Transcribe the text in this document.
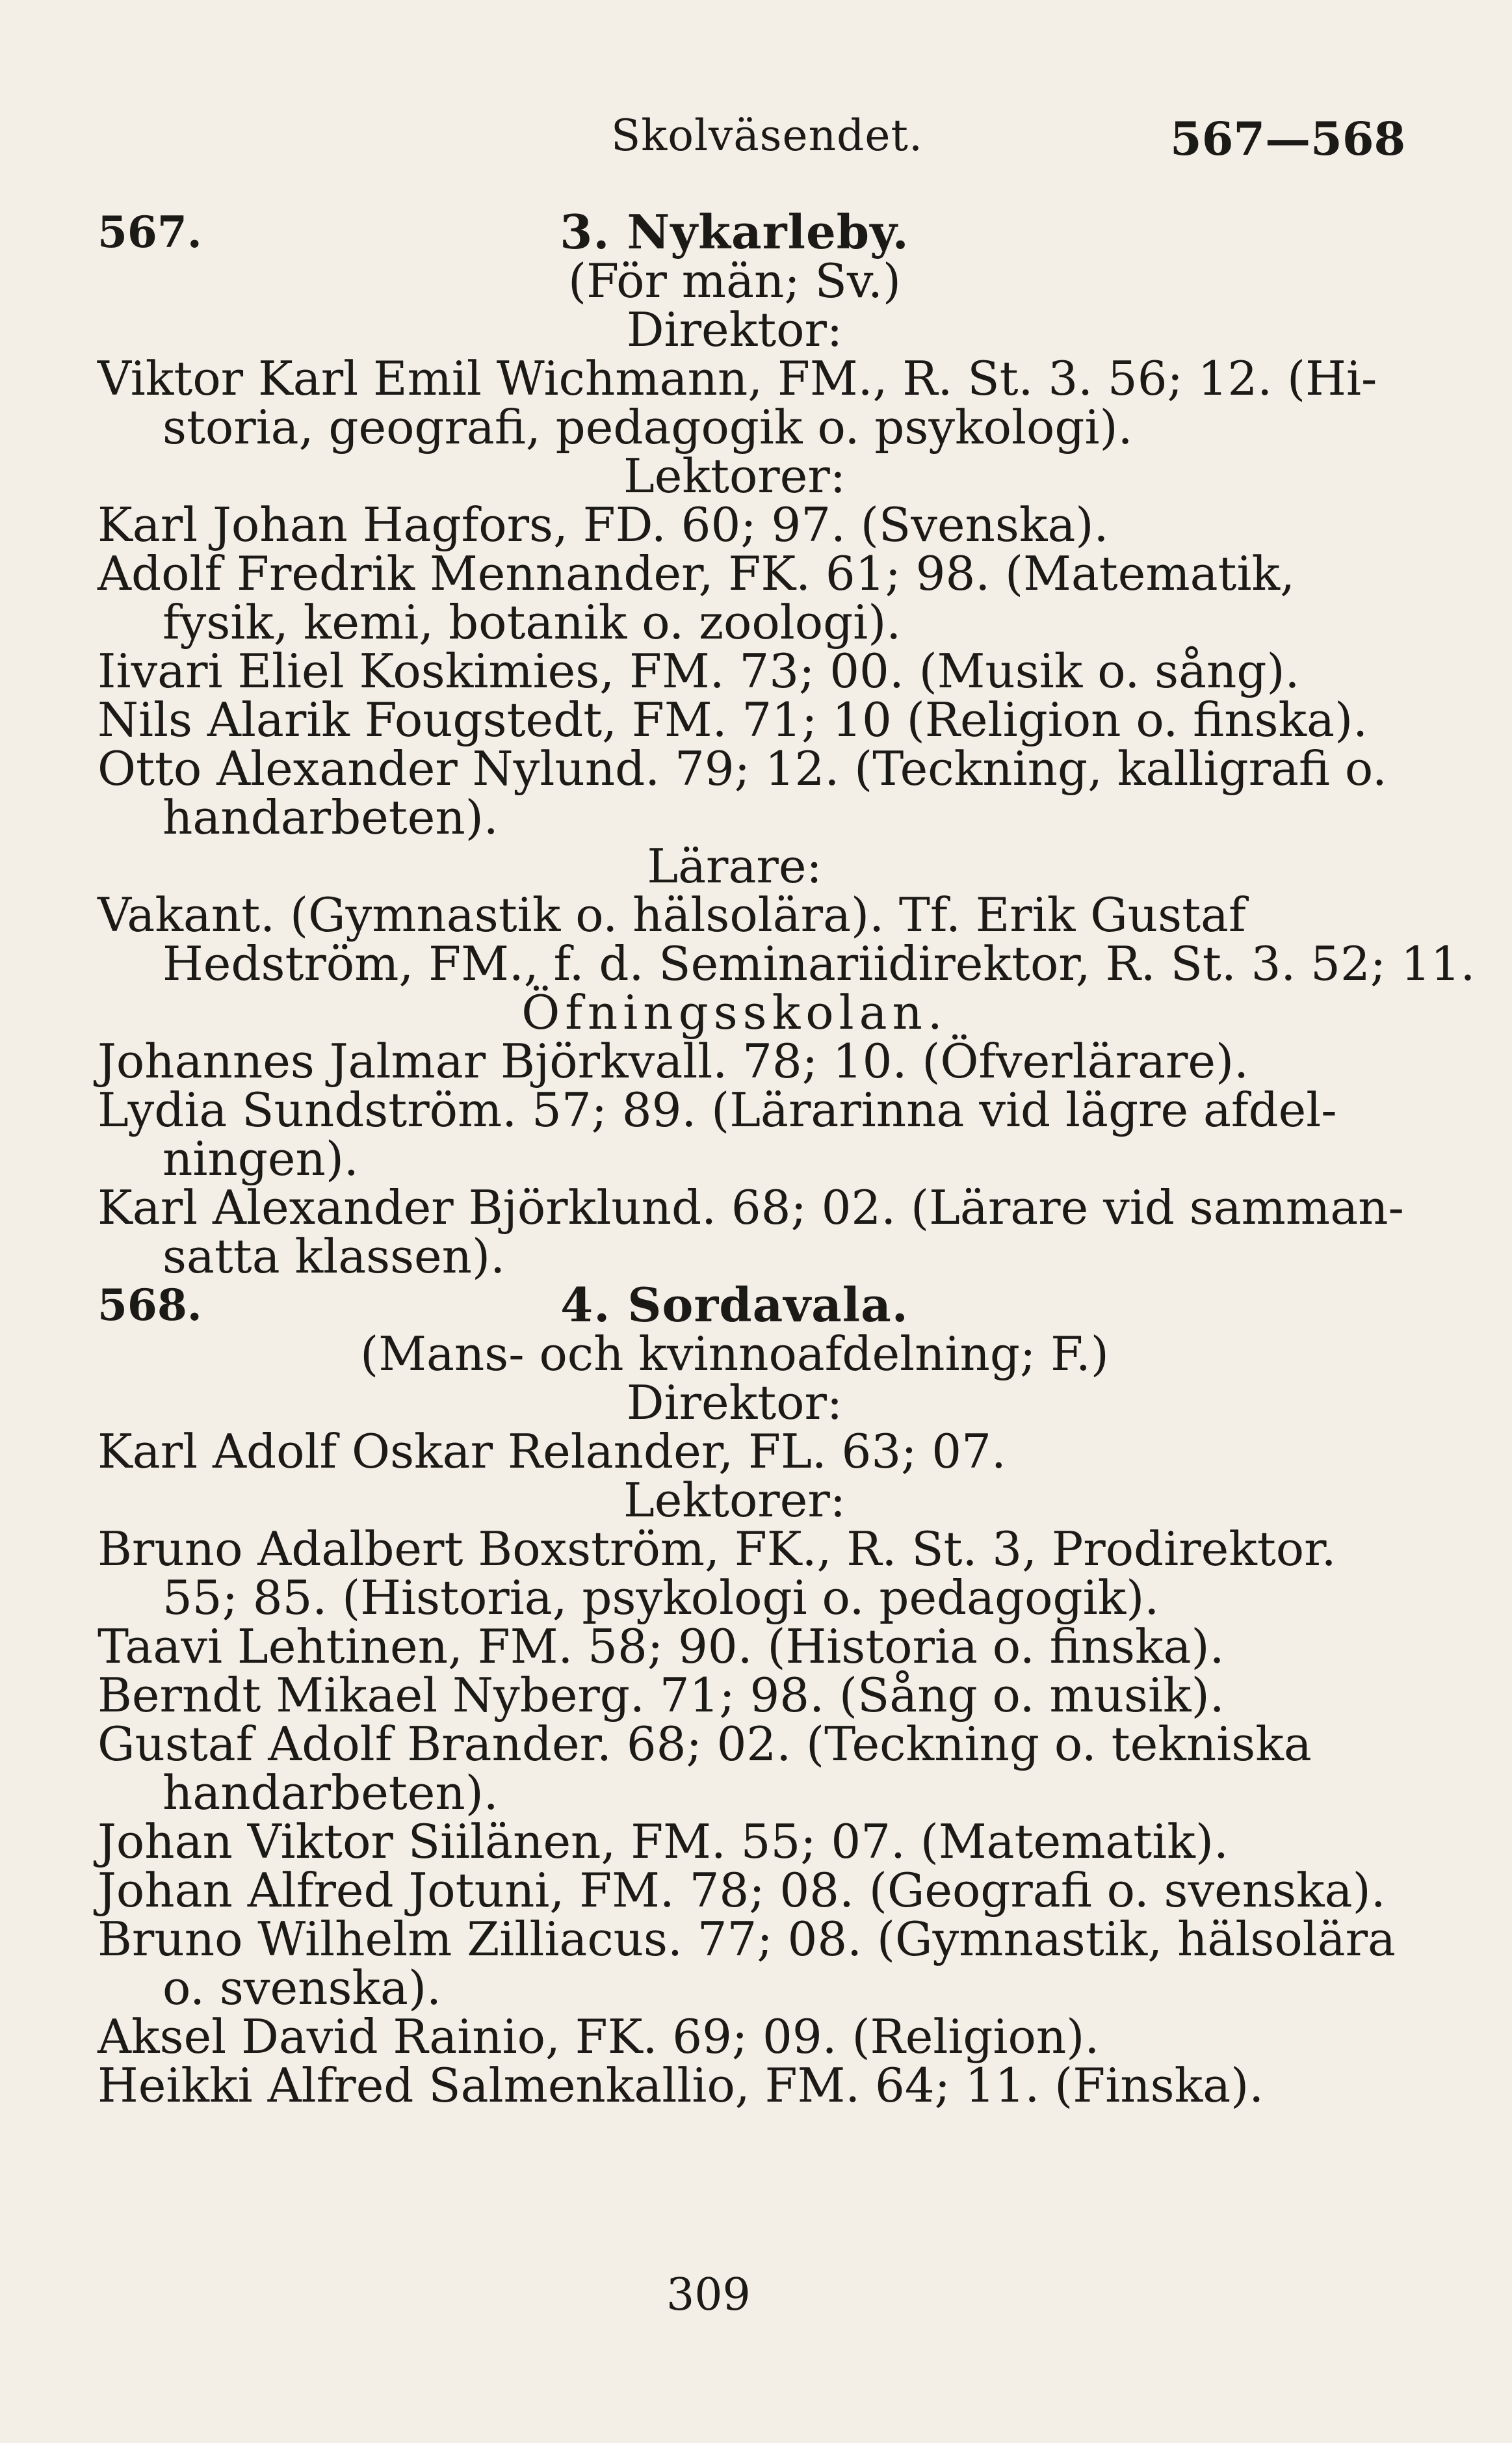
Skolväsendet.	567—568
567.	3. Nykarleby.
(För män; Sv.)
Direktor:
Viktor Karl Emil Wichmann, FM., R. St. 3. 56; 12. (Hi-
storia, geografi, pedagogik o. psykologi).
Lektorer:
Karl Johan Hagfors, FD. 60; 97. (Svenska).
Adolf Fredrik Mennander, FK. 61; 98. (Matematik,
fysik, kemi, botanik o. zoologi).
Iivari Eliel Koskimies, FM. 73; 00. (Musik o. sång).
Nils Alarik Fougstedt, FM. 71; 10 (Religion o. finska).
Otto Alexander Nylund. 79; 12. (Teckning, kalligrafi o.
handarbeten).
Lärare:
Vakant. (Gymnastik o. hälsolära). Tf. Erik Gustaf
Hedström, FM., f. d. Seminariidirektor, R. St. 3. 52; 11.
Öfningsskolan.
Johannes Jalmar Björkvall. 78; 10. (Öfverlärare).
Lydia Sundström. 57; 89. (Lärarinna vid lägre afdel-
ningen).
Karl Alexander Björklund. 68; 02. (Lärare vid samman-
satta klassen).
568.	4. Sordavala.
(Mans- och kvinnoafdelning; F.)
Direktor:
Karl Adolf Oskar Relander, FL. 63; 07.
Lektorer:
Bruno Adalbert Boxström, FK., R. St. 3, Prodirektor.
55; 85. (Historia, psykologi o. pedagogik).
Taavi Lehtinen, FM. 58; 90. (Historia o. finska).
Berndt Mikael Nyberg. 71; 98. (Sång o. musik).
Gustaf Adolf Brander. 68; 02. (Teckning o. tekniska
handarbeten).
Johan Viktor Siilänen, FM. 55; 07. (Matematik).
Johan Alfred Jotuni, FM. 78; 08. (Geografi o. svenska).
Bruno Wilhelm Zilliacus. 77; 08. (Gymnastik, hälsolära
o. svenska).
Aksel David Rainio, FK. 69; 09. (Religion).
Heikki Alfred Salmenkallio, FM. 64; 11. (Finska).
309
